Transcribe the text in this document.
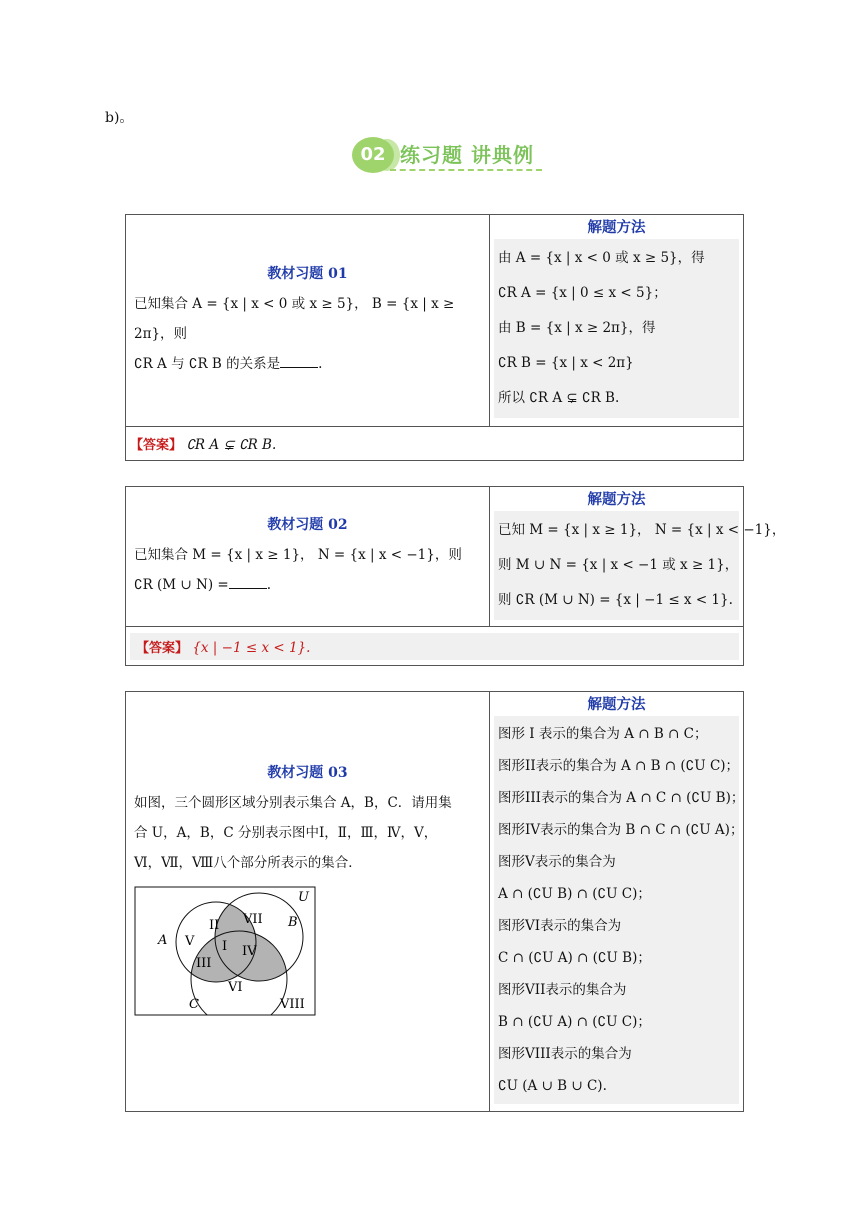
b)。
02 练习题 讲典例
教材习题 01
已知集合 A = {x | x < 0 或 x ≥ 5}， B = {x | x ≥ 2π}，则
∁R A 与 ∁R B 的关系是	.

解题方法
由 A = {x | x < 0 或 x ≥ 5}，得
∁R A = {x | 0 ≤ x < 5}；
由 B = {x | x ≥ 2π}，得
∁R B = {x | x < 2π}
所以 ∁R A ⊊ ∁R B.

【答案】 ∁R A ⊊ ∁R B.
教材习题 02
已知集合 M = {x | x ≥ 1}， N = {x | x < −1}，则
∁R (M ∪ N) =	.

解题方法
已知 M = {x | x ≥ 1}， N = {x | x < −1}，
则 M ∪ N = {x | x < −1 或 x ≥ 1}，
则 ∁R (M ∪ N) = {x | −1 ≤ x < 1}.

【答案】 {x | −1 ≤ x < 1}.
教材习题 03
如图，三个圆形区域分别表示集合 A，B，C．请用集
合 U，A，B，C 分别表示图中Ⅰ，Ⅱ，Ⅲ，Ⅳ，Ⅴ，
Ⅵ，Ⅶ，Ⅷ八个部分所表示的集合．
U
A
B
C
I
II
III
IV
V
VI
VII
VIII

解题方法
图形 I 表示的集合为 A ∩ B ∩ C；
图形II表示的集合为 A ∩ B ∩ (∁U C)；
图形III表示的集合为 A ∩ C ∩ (∁U B)；
图形IV表示的集合为 B ∩ C ∩ (∁U A)；
图形V表示的集合为
A ∩ (∁U B) ∩ (∁U C)；
图形VI表示的集合为
C ∩ (∁U A) ∩ (∁U B)；
图形VII表示的集合为
B ∩ (∁U A) ∩ (∁U C)；
图形VIII表示的集合为
∁U (A ∪ B ∪ C).
